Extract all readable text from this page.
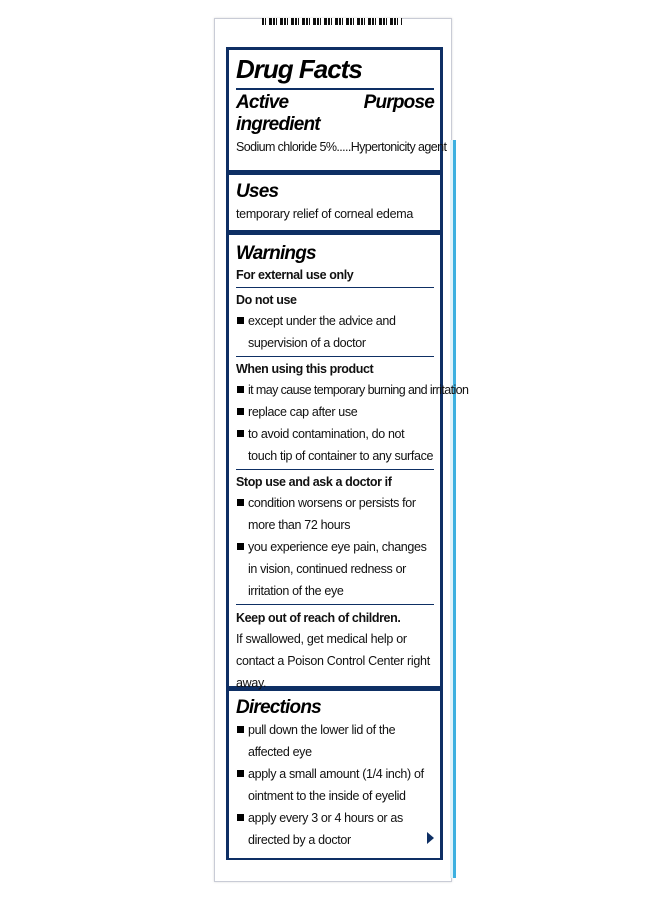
Drug Facts
Active ingredient
Purpose

Sodium chloride 5%.....Hypertonicity agent

Uses

temporary relief of corneal edema

Warnings

For external use only

Do not use

except under the advice and supervision of a doctor

When using this product

it may cause temporary burning and irritation
replace cap after use
to avoid contamination, do not touch tip of container to any surface

Stop use and ask a doctor if

condition worsens or persists for more than 72 hours
you experience eye pain, changes in vision, continued redness or irritation of the eye

Keep out of reach of children.

If swallowed, get medical help or contact a Poison Control Center right away.

Directions
pull down the lower lid of the affected eye
apply a small amount (1/4 inch) of ointment to the inside of eyelid
apply every 3 or 4 hours or as directed by a doctor
